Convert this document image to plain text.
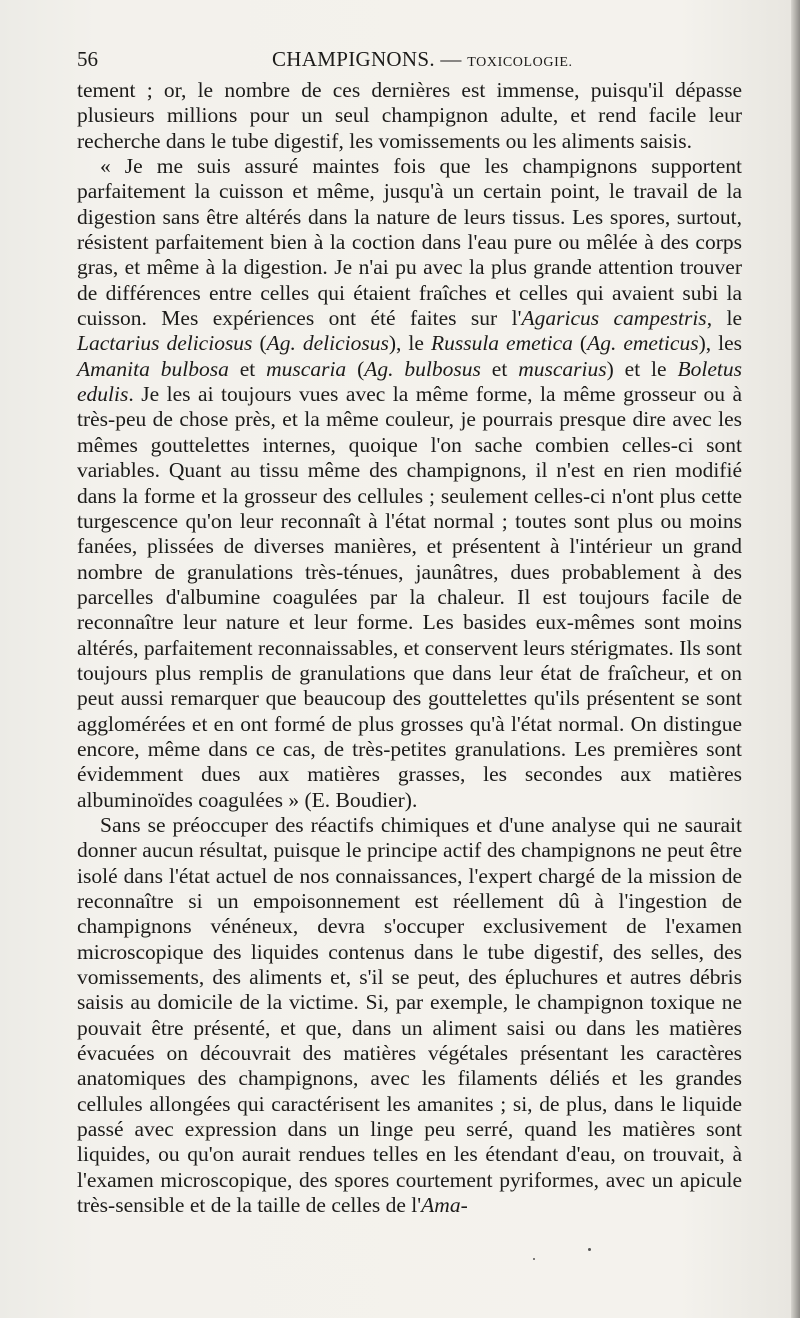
56	CHAMPIGNONS. — TOXICOLOGIE.

tement ; or, le nombre de ces dernières est immense, puisqu'il dépasse plusieurs millions pour un seul champignon adulte, et rend facile leur recherche dans le tube digestif, les vomissements ou les aliments saisis.

« Je me suis assuré maintes fois que les champignons supportent parfaitement la cuisson et même, jusqu'à un certain point, le travail de la digestion sans être altérés dans la nature de leurs tissus. Les spores, surtout, résistent parfaitement bien à la coction dans l'eau pure ou mêlée à des corps gras, et même à la digestion. Je n'ai pu avec la plus grande attention trouver de différences entre celles qui étaient fraîches et celles qui avaient subi la cuisson. Mes expériences ont été faites sur l'Agaricus campestris, le Lactarius deliciosus (Ag. deliciosus), le Russula emetica (Ag. emeticus), les Amanita bulbosa et muscaria (Ag. bulbosus et muscarius) et le Boletus edulis. Je les ai toujours vues avec la même forme, la même grosseur ou à très-peu de chose près, et la même couleur, je pourrais presque dire avec les mêmes gouttelettes internes, quoique l'on sache combien celles-ci sont variables. Quant au tissu même des champignons, il n'est en rien modifié dans la forme et la grosseur des cellules ; seulement celles-ci n'ont plus cette turgescence qu'on leur reconnaît à l'état normal ; toutes sont plus ou moins fanées, plissées de diverses manières, et présentent à l'intérieur un grand nombre de granulations très-ténues, jaunâtres, dues probablement à des parcelles d'albumine coagulées par la chaleur. Il est toujours facile de reconnaître leur nature et leur forme. Les basides eux-mêmes sont moins altérés, parfaitement reconnaissables, et conservent leurs stérigmates. Ils sont toujours plus remplis de granulations que dans leur état de fraîcheur, et on peut aussi remarquer que beaucoup des gouttelettes qu'ils présentent se sont agglomérées et en ont formé de plus grosses qu'à l'état normal. On distingue encore, même dans ce cas, de très-petites granulations. Les premières sont évidemment dues aux matières grasses, les secondes aux matières albuminoïdes coagulées » (E. Boudier).

Sans se préoccuper des réactifs chimiques et d'une analyse qui ne saurait donner aucun résultat, puisque le principe actif des champignons ne peut être isolé dans l'état actuel de nos connaissances, l'expert chargé de la mission de reconnaître si un empoisonnement est réellement dû à l'ingestion de champignons vénéneux, devra s'occuper exclusivement de l'examen microscopique des liquides contenus dans le tube digestif, des selles, des vomissements, des aliments et, s'il se peut, des épluchures et autres débris saisis au domicile de la victime. Si, par exemple, le champignon toxique ne pouvait être présenté, et que, dans un aliment saisi ou dans les matières évacuées on découvrait des matières végétales présentant les caractères anatomiques des champignons, avec les filaments déliés et les grandes cellules allongées qui caractérisent les amanites ; si, de plus, dans le liquide passé avec expression dans un linge peu serré, quand les matières sont liquides, ou qu'on aurait rendues telles en les étendant d'eau, on trouvait, à l'examen microscopique, des spores courtement pyriformes, avec un apicule très-sensible et de la taille de celles de l'Ama-
